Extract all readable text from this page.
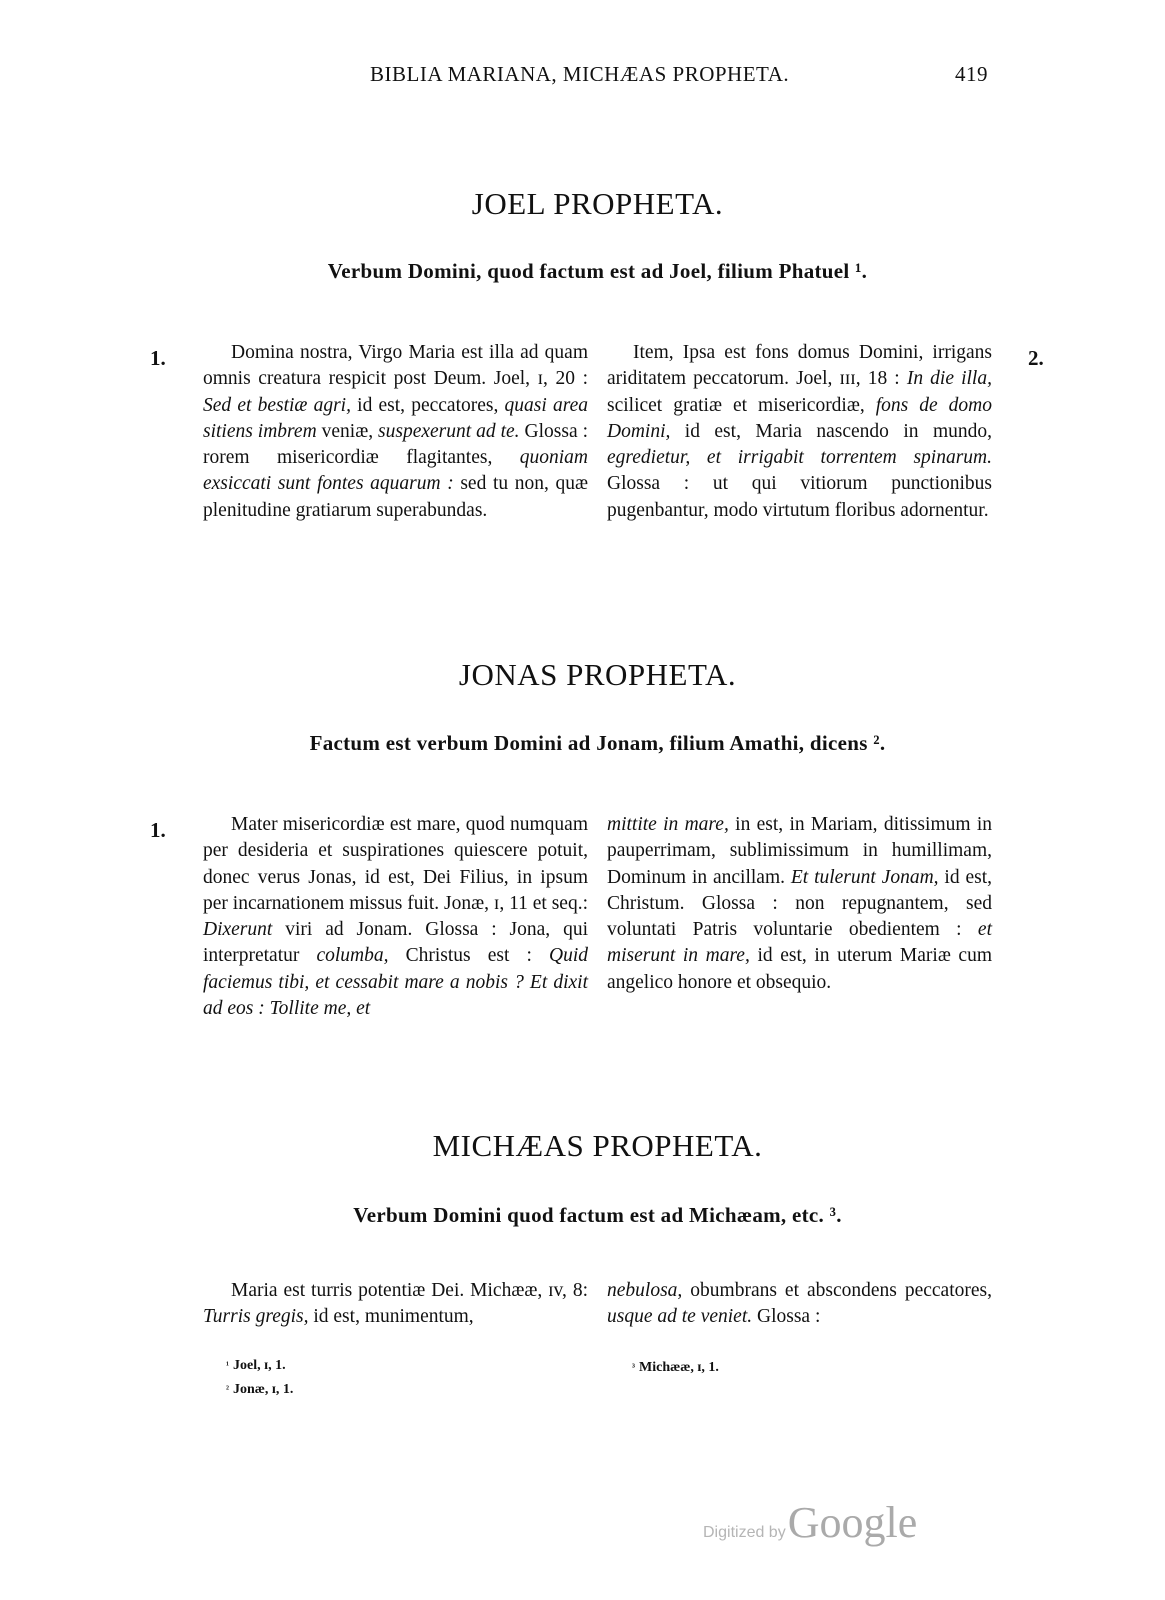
BIBLIA MARIANA, MICHÆAS PROPHETA.	419
JOEL PROPHETA.
Verbum Domini, quod factum est ad Joel, filium Phatuel ¹.
1.	2.

Domina nostra, Virgo Maria est illa ad quam omnis creatura respicit post Deum. Joel, ɪ, 20 : Sed et bestiæ agri, id est, peccatores, quasi area sitiens imbrem veniæ, suspexerunt ad te. Glossa : rorem misericordiæ flagitantes, quoniam exsiccati sunt fontes aquarum : sed tu non, quæ plenitudine gratiarum superabundas.

Item, Ipsa est fons domus Domini, irrigans ariditatem peccatorum. Joel, ɪɪɪ, 18 : In die illa, scilicet gratiæ et misericordiæ, fons de domo Domini, id est, Maria nascendo in mundo, egredietur, et irrigabit torrentem spinarum. Glossa : ut qui vitiorum punctionibus pugenbantur, modo virtutum floribus adornentur.

JONAS PROPHETA.
Factum est verbum Domini ad Jonam, filium Amathi, dicens ².
1.	Mater misericordiæ est mare, quod numquam per desideria et suspirationes quiescere potuit, donec verus Jonas, id est, Dei Filius, in ipsum per incarnationem missus fuit. Jonæ, ɪ, 11 et seq.: Dixerunt viri ad Jonam. Glossa : Jona, qui interpretatur columba, Christus est : Quid faciemus tibi, et cessabit mare a nobis ? Et dixit ad eos : Tollite me, et

mittite in mare, in est, in Mariam, ditissimum in pauperrimam, sublimissimum in humillimam, Dominum in ancillam. Et tulerunt Jonam, id est, Christum. Glossa : non repugnantem, sed voluntati Patris voluntarie obedientem : et miserunt in mare, id est, in uterum Mariæ cum angelico honore et obsequio.

MICHÆAS PROPHETA.
Verbum Domini quod factum est ad Michæam, etc. ³.

Maria est turris potentiæ Dei. Michææ, ɪv, 8: Turris gregis, id est, munimentum,

nebulosa, obumbrans et abscondens peccatores, usque ad te veniet. Glossa :

$^{^1}$ Joel, ɪ, 1.
$^{^2}$ Jonæ, ɪ, 1.
$^{^3}$ Michææ, ɪ, 1.
Digitized byGoogle
